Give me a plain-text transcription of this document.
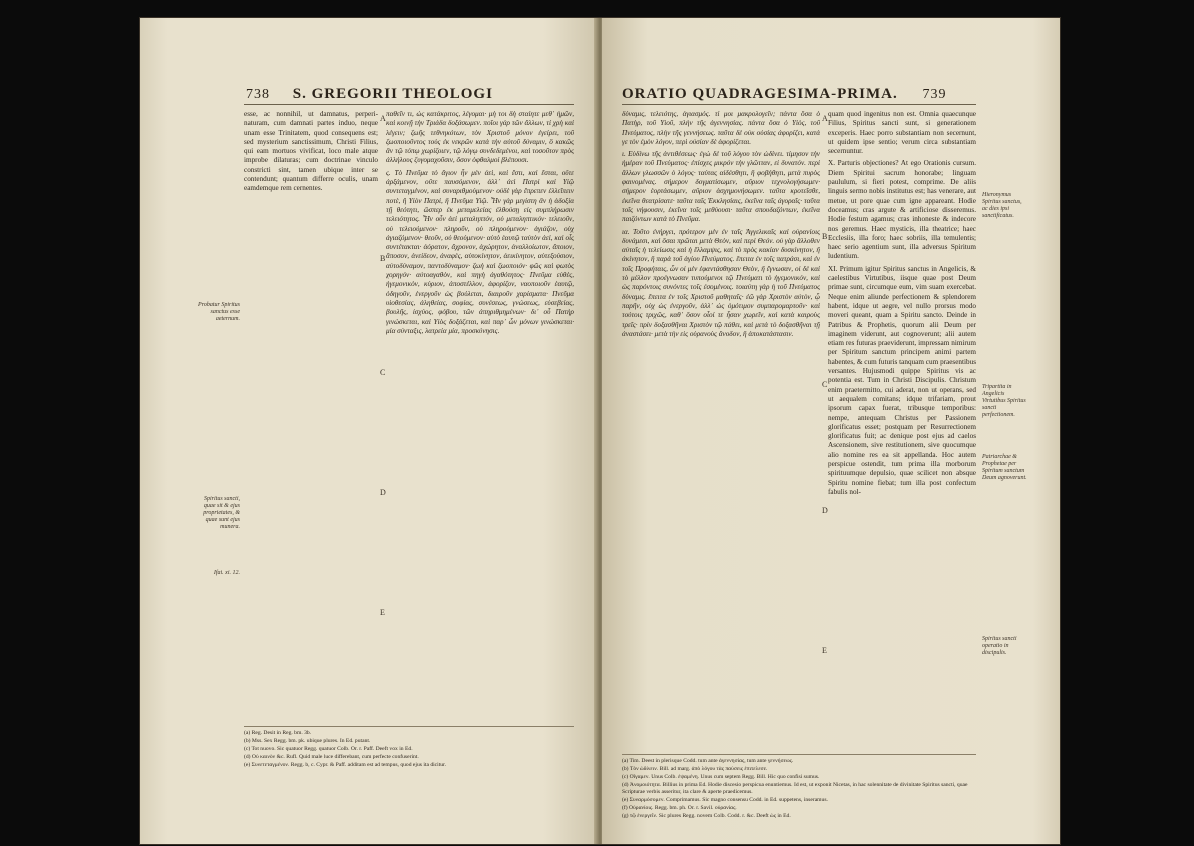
738 S. GREGORII THEOLOGI

esse, ac nonnihil, ut damnatus, perperi- naturam, cum damnati partes induo, neque unam esse Trinitatem, quod consequens est; sed mysterium sanctissimum, Christi Filius, qui eam mortuos vivificat, loco male atque improbe dilaturas; cum doctrinae vinculo constricti sint, tamen ubique inter se contendunt; quantum differre oculis, unam eamdemque rem cernentes.

παθεῖν τι, ὡς κατάκριτος, λέγομαι· μὴ τοι δὴ σταίητε μεθ᾽ ἡμῶν, καὶ κοινῇ τὴν Τριάδα δοξάσωμεν. ποῖοι γάρ τῶν ἄλλων, τί χρὴ καὶ λέγειν; ζωῆς τεθνηκότων, τὸν Χριστοῦ μόνον ἐγείρει, τοῦ ζωοποιοῦντος τοὺς ἐκ νεκρῶν κατὰ τὴν αὐτοῦ δύναμιν, ὃ κακῶς ἂν τῷ τόπῳ χωρίζοιεν, τῷ λόγῳ συνδεδεμένοι, καὶ τοσοῦτον πρὸς ἀλλήλους ζυγομαχοῦσιν, ὅσον ὀφθαλμοί βλέπουσι.

ς. Τὸ Πνεῦμα τὸ ἅγιον ἦν μὲν ἀεὶ, καὶ ἔστι, καὶ ἔσται, οὔτε ἀρξάμενον, οὔτε παυσόμενον, ἀλλ᾽ ἀεὶ Πατρὶ καὶ Υἱῷ συντεταγμένον, καὶ συναριθμούμενον· οὐδὲ γὰρ ἔπρεπεν ἐλλεῖπειν ποτὲ, ἢ Υἱὸν Πατρὶ, ἢ Πνεῦμα Υἱῷ. Ἦν γὰρ μεγίστη ἂν ἡ ἀδοξία τῇ θεότητι, ὥσπερ ἐκ μεταμελείας ἐλθούσῃ εἰς συμπλήρωσιν τελειότητος. Ἦν οὖν ἀεὶ μεταληπτόν, οὐ μεταληπτικόν· τελειοῦν, οὐ τελειούμενον· πληροῦν, οὐ πληρούμενον· ἁγιάζον, οὐχ ἁγιαζόμενον· θεοῦν, οὐ θεούμενον· αὐτὸ ἑαυτῷ ταὐτὸν ἀεὶ, καὶ οἷς συντέτακται· ἀόρατον, ἄχρονον, ἀχώρητον, ἀναλλοίωτον, ἄποιον, ἄποσον, ἀνείδεον, ἀναφὲς, αὐτοκίνητον, ἀεικίνητον, αὐτεξούσιον, αὐτοδύναμον, παντοδύναμον· ζωὴ καὶ ζωοποιόν· φῶς καὶ φωτὸς χορηγόν· αὐτοαγαθὸν, καὶ πηγὴ ἀγαθότητος· Πνεῦμα εὐθὲς, ἡγεμονικὸν, κύριον, ἀποστέλλον, ἀφορίζον, ναοποιοῦν ἑαυτῷ, ὁδηγοῦν, ἐνεργοῦν ὡς βούλεται, διαιροῦν χαρίσματα· Πνεῦμα υἱοθεσίας, ἀληθείας, σοφίας, συνέσεως, γνώσεως, εὐσεβείας, βουλῆς, ἰσχύος, φόβου, τῶν ἀπηριθμημένων· δι᾽ οὗ Πατὴρ γινώσκεται, καὶ Υἱὸς δοξάζεται, καὶ παρ᾽ ὧν μόνων γινώσκεται· μία σύνταξις, λατρεία μία, προσκύνησις.

Probatur Spiritus sanctus esse aeternum.
Spiritus sancti, quae sit & ejus proprietates, & quae sunt ejus munera.
Ifai. xi. 12.
A
B
C
D
E

(a) Reg. Desit in Reg. bm. 3b.

(b) Mss. Sex Regg. bm. pk. ubique plures. In Ed. putant.

(c) Tot nuovo. Sic quatuor Regg. quatuor Colb. Or. r. Paff. Deeft vox in Ed.

(d) Οὐ καινὸν &c. Rufl. Quid male luce differebant, cum perfecte confuserint.

(e) Συνετεταγμένον. Regg. b, c. Cypr. & Paff. additam est ad tempus, quod ejus ita dicitur.

ORATIO QUADRAGESIMA-PRIMA. 739

δύναμις, τελειότης, ἁγιασμός. τί μοι μακρολογεῖν; πάντα ὅσα ὁ Πατὴρ, τοῦ Υἱοῦ, πλὴν τῆς ἀγεννησίας. πάντα ὅσα ὁ Υἱὸς, τοῦ Πνεύματος, πλὴν τῆς γεννήσεως. ταῦτα δὲ οὐκ οὐσίας ἀφορίζει, κατά γε τὸν ἐμὸν λόγον, περὶ οὐσίαν δὲ ἀφορίζεται.

ι. Εὐδίνω τῆς ἀντιθέσεως· ἐγὼ δὲ τοῦ λόγου τὸν ὠδίνει. τίμησον τὴν ἡμέραν τοῦ Πνεύματος· ἐπίσχες μικρόν τὴν γλῶτταν, εἰ δυνατόν. περὶ ἄλλων γλωσσῶν ὁ λόγος· ταύτας αἰδέσθητι, ἢ φοβήθητι, μετὰ πυρὸς φαινομένας. σήμερον δογματίσωμεν, αὔριον τεχνολογήσωμεν· σήμερον ἑορτάσωμεν, αὔριον ἀσχημονήσωμεν. ταῦτα κροτεῖσθε, ἐκεῖνα θεατρίσατε· ταῦτα ταῖς Ἐκκλησίαις, ἐκεῖνα ταῖς ἀγοραῖς· ταῦτα τοῖς νήφουσιν, ἐκεῖνα τοῖς μεθύουσι· ταῦτα σπουδαζόντων, ἐκεῖνα παιζόντων κατὰ τὸ Πνεῦμα.

ια. Τοῦτο ἐνήργει, πρότερον μὲν ἐν ταῖς Ἀγγελικαῖς καὶ οὐρανίοις δυνάμεσι, καὶ ὅσαι πρῶται μετὰ Θεὸν, καὶ περὶ Θεόν. οὐ γὰρ ἄλλοθεν αὐταῖς ἡ τελείωσις καὶ ἡ ἔλλαμψις, καὶ τὸ πρὸς κακίαν δυσκίνητον, ἢ ἀκίνητον, ἢ παρὰ τοῦ ἁγίου Πνεύματος. ἔπειτα ἐν τοῖς πατράσι, καὶ ἐν τοῖς Προφήταις, ὧν οἱ μὲν ἐφαντάσθησαν Θεὸν, ἢ ἔγνωσαν, οἱ δὲ καὶ τὸ μέλλον προέγνωσαν τυπούμενοι τῷ Πνεύματι τὸ ἡγεμονικόν, καὶ ὡς παρόντοις συνόντες τοῖς ἐσομένοις. τοιαύτη γὰρ ἡ τοῦ Πνεύματος δύναμις. ἔπειτα ἐν τοῖς Χριστοῦ μαθηταῖς· ἐῶ γὰρ Χριστὸν αὐτὸν, ᾧ παρῆν, οὐχ ὡς ἐνεργοῦν, ἀλλ᾽ ὡς ὁμότιμον συμπαρομαρτοῦν· καὶ τούτοις τριχῶς, καθ᾽ ὅσον οἷοί τε ἦσαν χωρεῖν, καὶ κατὰ καιροὺς τρεῖς· πρὶν δοξασθῆναι Χριστὸν τῷ πάθει, καὶ μετὰ τὸ δοξασθῆναι τῇ ἀναστάσει· μετὰ τὴν εἰς οὐρανοὺς ἄνοδον, ἢ ἀποκατάστασιν.

quam quod ingenitus non est. Omnia quaecunque Filius, Spiritus sancti sunt, si generationem exceperis. Haec porro substantiam non secernunt, ut quidem ipse sentio; verum circa substantiam secernuntur.

X. Parturis objectiones? At ego Orationis cursum. Diem Spiritui sacrum honorabe; linguam paululum, si fieri potest, comprime. De aliis linguis sermo nobis institutus est; has venerare, aut metue, ut pore quae cum igne appareant. Hodie doceamus; cras argute & artificiose disseremus. Hodie festum agamus; cras inhoneste & indecore nos geremus. Haec mysticis, illa theatrice; haec Ecclesiis, illa foro; haec sobriis, illa temulentis; haec serio agentium sunt, illa adversus Spiritum ludentium.

XI. Primum igitur Spiritus sanctus in Angelicis, & caelestibus Virtutibus, iisque quae post Deum primae sunt, circumque eum, vim suam exercebat. Neque enim aliunde perfectionem & splendorem habent, idque ut aegre, vel nullo prorsus modo moveri queant, quam a Spiritu sancto. Deinde in Patribus & Prophetis, quorum alii Deum per imaginem viderunt, aut cognoverunt; alii autem etiam res futuras praeviderunt, impressam nimirum per Spiritum sanctum principem animi partem habentes, & cum futuris tanquam cum praesentibus versantes. Hujusmodi quippe Spiritus vis ac potentia est. Tum in Christi Discipulis. Christum enim praetermitto, cui aderat, non ut operans, sed ut aequalem comitans; idque trifariam, prout ipsorum capax fuerat, tribusque temporibus: nempe, antequam Christus per Passionem glorificatus esset; postquam per Resurrectionem glorificatus fuit; ac denique post ejus ad caelos Ascensionem, sive restitutionem, sive quocumque alio nomine res ea sit appellanda. Hoc autem perspicue ostendit, tum prima illa morborum spirituumque depulsio, quae scilicet non absque Spiritu nomine fiebat; tum illa post confectum fabulis nol-

Hieronymus Spiritus sanctus, ac dies ipsi sanctificatus.
Tripartita in Angelicis Virtutibus Spiritus sancti perfectionem.
Patriarchae & Prophetae per Spiritum sanctum Deum agnoverunt.
Spiritus sancti operatio in discipulis.
A
B
C
D
E

(a) Tim. Deest in plerisque Codd. tum ante ἀγεννησίας, tum ante γεννήσεως.

(b) Τὸν ὠδίνειν. Bill. ad marg. ἀπὸ λόγου τὰς παύσεις ἐπιτελεσε.

(c) Οἴγαμεν. Unus Colb. ἐψαμένη. Unus cum septem Regg. Bill. Hic quo confisi sumus.

(d) Ἀνομοιότητα. Billius in prima Ed. Hodie discesio perspicua enuntiemus. Id est, ut exponit Nicetas, in hac solennitate de divinitate Spiritus sancti, quae Scripturae verbis asseritur, ita clare & aperte praedicemus.

(e) Συναρμόσομεν. Comprimamus. Sic magno consensu Codd. in Ed. suppetens, inseramus.

(f) Οὐρανίοις. Regg. bm. ph. Or. r. Savil. οὐρανίας.

(g) τῷ ἐνεργεῖν. Sic plures Regg. novem Colb. Codd. r. &c. Deeft ὡς in Ed.
